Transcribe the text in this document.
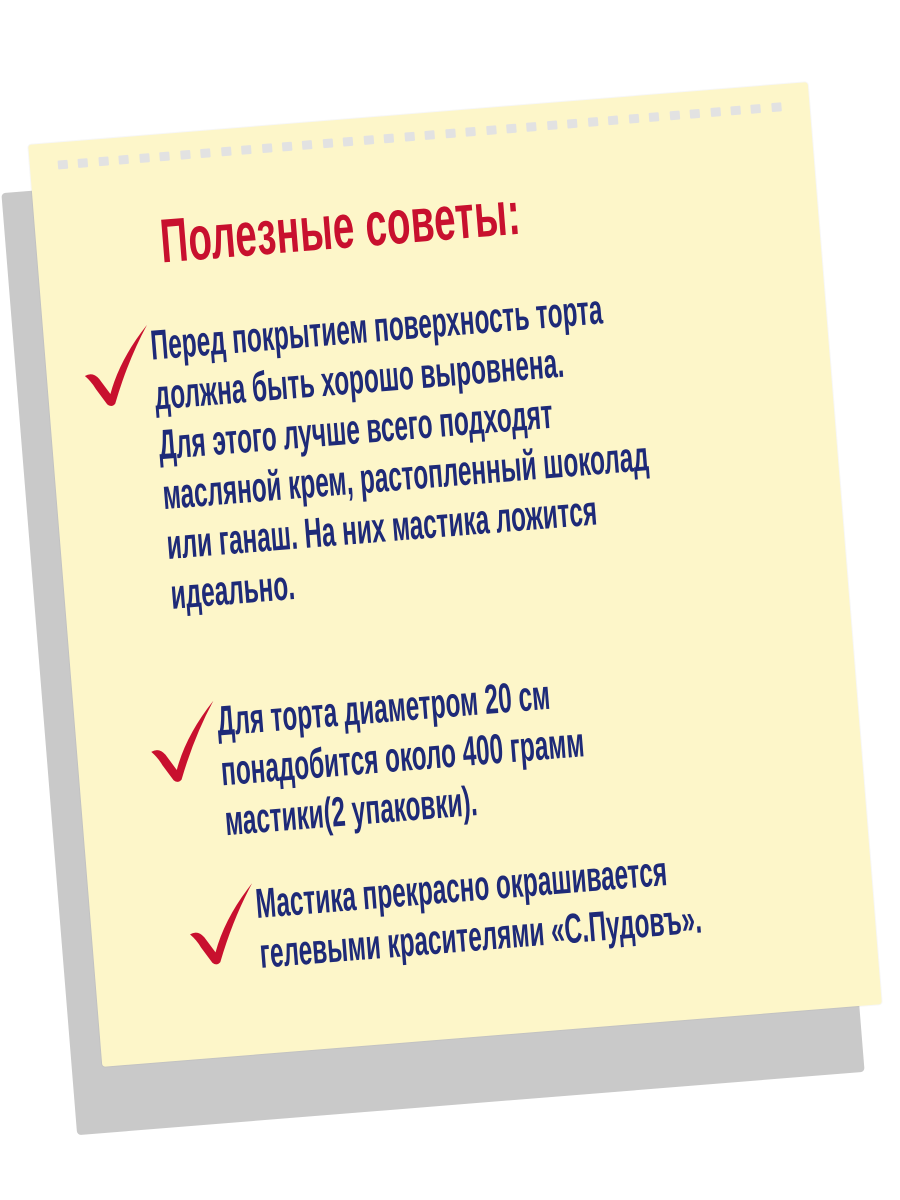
Полезные советы:

Перед покрытием поверхность торта
должна быть хорошо выровнена.
Для этого лучше всего подходят
масляной крем, растопленный шоколад
или ганаш. На них мастика ложится
идеально.

Для торта диаметром 20 см
понадобится около 400 грамм
мастики(2 упаковки).

Мастика прекрасно окрашивается
гелевыми красителями «С.Пудовъ».
